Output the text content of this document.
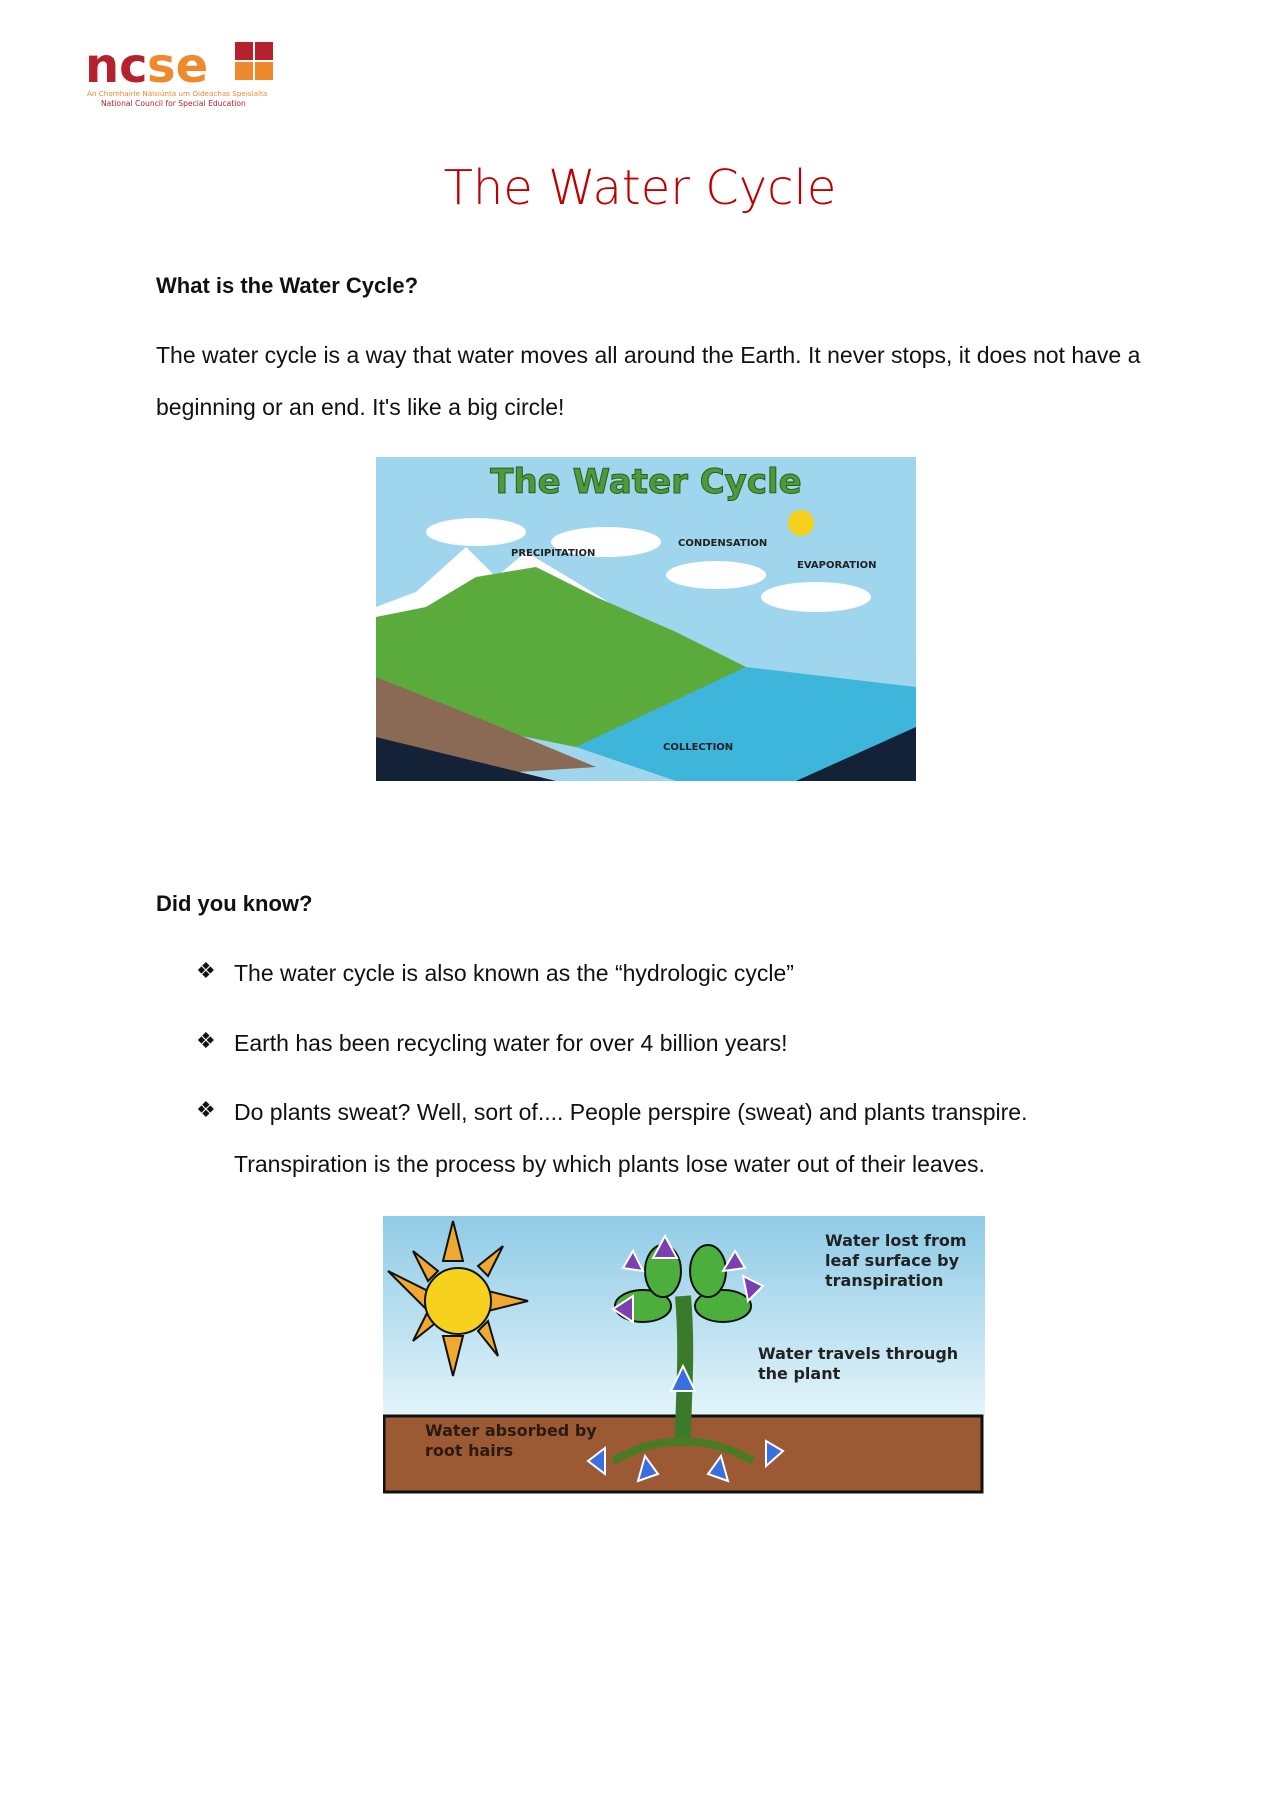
nc se
An Chomhairle Náisiúnta um Oideachas Speisialta
National Council for Special Education
The Water Cycle
What is the Water Cycle?
The water cycle is a way that water moves all around the Earth. It never stops, it does not have a beginning or an end. It's like a big circle!
The Water Cycle
PRECIPITATION
CONDENSATION
EVAPORATION
COLLECTION
Did you know?
❖ The water cycle is also known as the “hydrologic cycle”
❖ Earth has been recycling water for over 4 billion years!
❖ Do plants sweat? Well, sort of.... People perspire (sweat) and plants transpire. Transpiration is the process by which plants lose water out of their leaves.
Water lost from
leaf surface by
transpiration
Water travels through
the plant
Water absorbed by
root hairs
